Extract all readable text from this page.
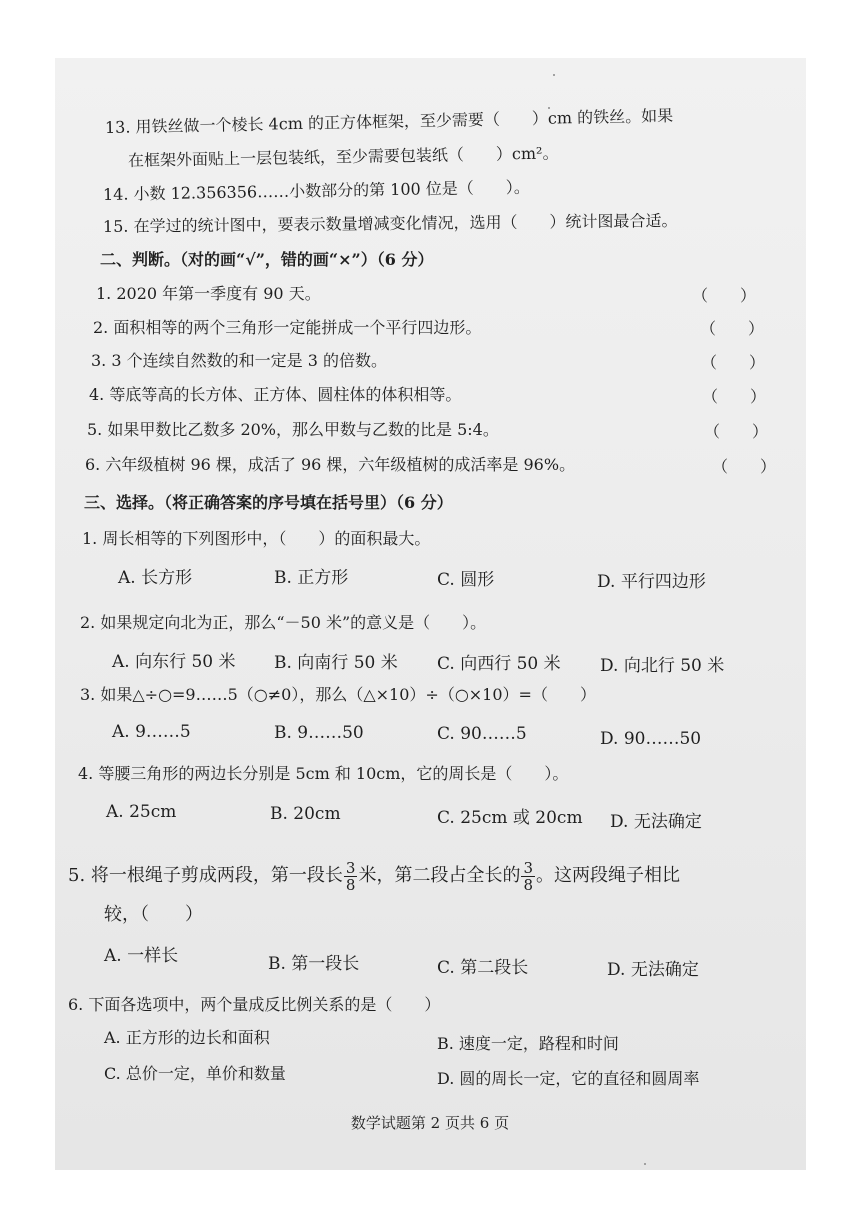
13. 用铁丝做一个棱长 4cm 的正方体框架，至少需要（　　）cm 的铁丝。如果
在框架外面贴上一层包装纸，至少需要包装纸（　　）cm²。
14. 小数 12.356356……小数部分的第 100 位是（　　）。
15. 在学过的统计图中，要表示数量增减变化情况，选用（　　）统计图最合适。
二、判断。（对的画“√”，错的画“×”）（6 分）
1. 2020 年第一季度有 90 天。	（　　）
2. 面积相等的两个三角形一定能拼成一个平行四边形。	（　　）
3. 3 个连续自然数的和一定是 3 的倍数。	（　　）
4. 等底等高的长方体、正方体、圆柱体的体积相等。	（　　）
5. 如果甲数比乙数多 20%，那么甲数与乙数的比是 5:4。	（　　）
6. 六年级植树 96 棵，成活了 96 棵，六年级植树的成活率是 96%。	（　　）
三、选择。（将正确答案的序号填在括号里）（6 分）
1. 周长相等的下列图形中，（　　）的面积最大。
A. 长方形	B. 正方形	C. 圆形	D. 平行四边形
2. 如果规定向北为正，那么“－50 米”的意义是（　　）。
A. 向东行 50 米 B. 向南行 50 米 C. 向西行 50 米 D. 向北行 50 米
3. 如果△÷○=9……5（○≠0），那么（△×10）÷（○×10）=（　　）
A. 9……5	B. 9……50	C. 90……5	D. 90……50
4. 等腰三角形的两边长分别是 5cm 和 10cm，它的周长是（　　）。
A. 25cm	B. 20cm	C. 25cm 或 20cm D. 无法确定
5. 将一根绳子剪成两段，第一段长 $\frac{3}{8}$ 米，第二段占全长的 $\frac{3}{8}$ 。这两段绳子相比
较，（　　）
A. 一样长	B. 第一段长	C. 第二段长	D. 无法确定
6. 下面各选项中，两个量成反比例关系的是（　　）
A. 正方形的边长和面积	B. 速度一定，路程和时间
C. 总价一定，单价和数量	D. 圆的周长一定，它的直径和圆周率
数学试题第 2 页共 6 页
